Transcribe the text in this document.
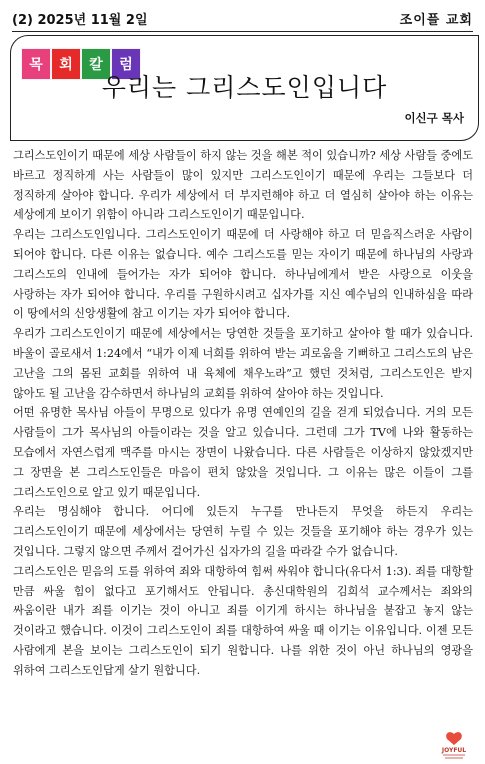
(2) 2025년 11월 2일	조이플 교회
목	회	칼	럼
우리는 그리스도인입니다
이신구 목사

그리스도인이기 때문에 세상 사람들이 하지 않는 것을 해본 적이 있습니까? 세상 사람들 중에도 바르고 정직하게 사는 사람들이 많이 있지만 그리스도인이기 때문에 우리는 그들보다 더 정직하게 살아야 합니다. 우리가 세상에서 더 부지런해야 하고 더 열심히 살아야 하는 이유는 세상에게 보이기 위함이 아니라 그리스도인이기 때문입니다.

우리는 그리스도인입니다. 그리스도인이기 때문에 더 사랑해야 하고 더 믿음직스러운 사람이 되어야 합니다. 다른 이유는 없습니다. 예수 그리스도를 믿는 자이기 때문에 하나님의 사랑과 그리스도의 인내에 들어가는 자가 되어야 합니다. 하나님에게서 받은 사랑으로 이웃을 사랑하는 자가 되어야 합니다. 우리를 구원하시려고 십자가를 지신 예수님의 인내하심을 따라 이 땅에서의 신앙생활에 참고 이기는 자가 되어야 합니다.

우리가 그리스도인이기 때문에 세상에서는 당연한 것들을 포기하고 살아야 할 때가 있습니다. 바울이 골로새서 1:24에서 “내가 이제 너희를 위하여 받는 괴로움을 기뻐하고 그리스도의 남은 고난을 그의 몸된 교회를 위하여 내 육체에 채우노라”고 했던 것처럼, 그리스도인은 받지 않아도 될 고난을 감수하면서 하나님의 교회를 위하여 살아야 하는 것입니다.

어떤 유명한 목사님 아들이 무명으로 있다가 유명 연예인의 길을 걷게 되었습니다. 거의 모든 사람들이 그가 목사님의 아들이라는 것을 알고 있습니다. 그런데 그가 TV에 나와 활동하는 모습에서 자연스럽게 맥주를 마시는 장면이 나왔습니다. 다른 사람들은 이상하지 않았겠지만 그 장면을 본 그리스도인들은 마음이 편치 않았을 것입니다. 그 이유는 많은 이들이 그를 그리스도인으로 알고 있기 때문입니다.

우리는 명심해야 합니다. 어디에 있든지 누구를 만나든지 무엇을 하든지 우리는 그리스도인이기 때문에 세상에서는 당연히 누릴 수 있는 것들을 포기해야 하는 경우가 있는 것입니다. 그렇지 않으면 주께서 걸어가신 십자가의 길을 따라갈 수가 없습니다.

그리스도인은 믿음의 도를 위하여 죄와 대항하여 힘써 싸워야 합니다(유다서 1:3). 죄를 대항할 만큼 싸울 힘이 없다고 포기해서도 안됩니다. 총신대학원의 김희석 교수께서는 죄와의 싸움이란 내가 죄를 이기는 것이 아니고 죄를 이기게 하시는 하나님을 붙잡고 놓지 않는 것이라고 했습니다. 이것이 그리스도인이 죄를 대항하여 싸울 때 이기는 이유입니다. 이젠 모든 사람에게 본을 보이는 그리스도인이 되기 원합니다. 나를 위한 것이 아닌 하나님의 영광을 위하여 그리스도인답게 살기 원합니다.

JOYFUL
